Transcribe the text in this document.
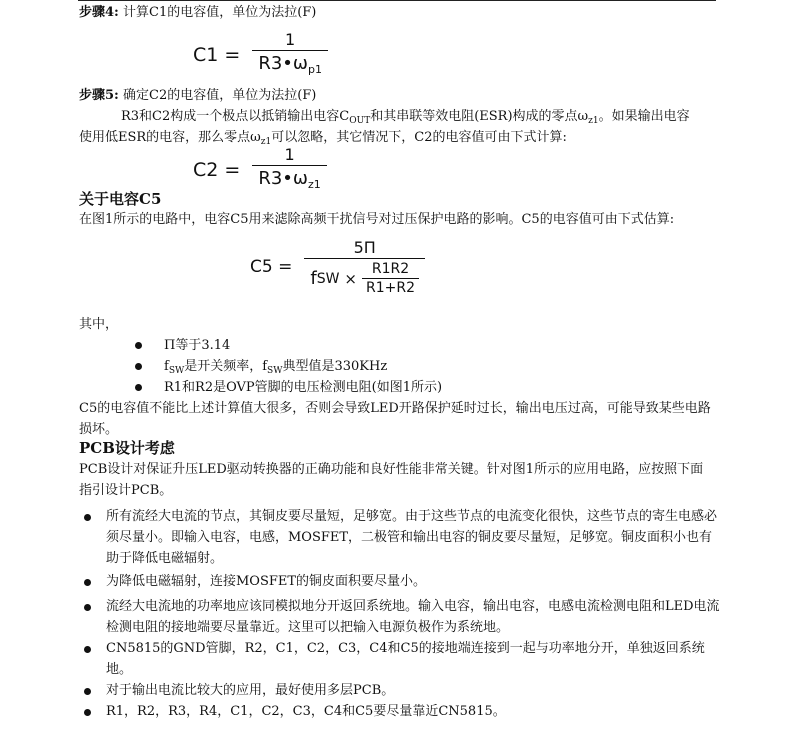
步骤4: 计算C1的电容值，单位为法拉(F)
$C1 = \frac{1}{R3•\omega_{p1}}$
步骤5: 确定C2的电容值，单位为法拉(F)
R3和C2构成一个极点以抵销输出电容$C_{OUT}$和其串联等效电阻(ESR)构成的零点$\omega_{z1}$。如果输出电容
使用低ESR的电容，那么零点$\omega_{z1}$可以忽略，其它情况下，C2的电容值可由下式计算:
$C2 = \frac{1}{R3•\omega_{z1}}$
关于电容C5
在图1所示的电路中，电容C5用来滤除高频干扰信号对过压保护电路的影响。C5的电容值可由下式估算:
$C5 = \frac{5\Pi}{f SW \times \frac{R1R2}{R1+R2}}$
其中，
Π等于3.14
$f_{SW}$是开关频率，$f_{SW}$典型值是330KHz
R1和R2是OVP管脚的电压检测电阻(如图1所示)
C5的电容值不能比上述计算值大很多，否则会导致LED开路保护延时过长，输出电压过高，可能导致某些电路损坏。
PCB设计考虑
PCB设计对保证升压LED驱动转换器的正确功能和良好性能非常关键。针对图1所示的应用电路，应按照下面指引设计PCB。
所有流经大电流的节点，其铜皮要尽量短，足够宽。由于这些节点的电流变化很快，这些节点的寄生电感必须尽量小。即输入电容，电感，MOSFET，二极管和输出电容的铜皮要尽量短，足够宽。铜皮面积小也有助于降低电磁辐射。
为降低电磁辐射，连接MOSFET的铜皮面积要尽量小。
流经大电流地的功率地应该同模拟地分开返回系统地。输入电容，输出电容，电感电流检测电阻和LED电流检测电阻的接地端要尽量靠近。这里可以把输入电源负极作为系统地。
CN5815的GND管脚，R2，C1，C2，C3，C4和C5的接地端连接到一起与功率地分开，单独返回系统地。
对于输出电流比较大的应用，最好使用多层PCB。
R1，R2，R3，R4，C1，C2，C3，C4和C5要尽量靠近CN5815。
